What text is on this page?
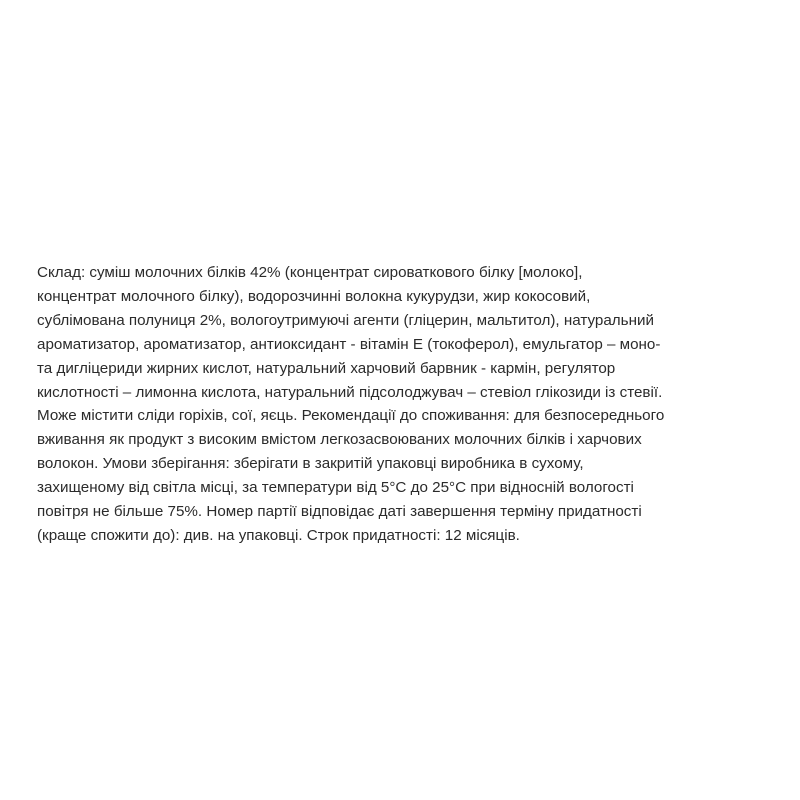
Склад: суміш молочних білків 42% (концентрат сироваткового білку [молоко],
концентрат молочного білку), водорозчинні волокна кукурудзи, жир кокосовий,
сублімована полуниця 2%, вологоутримуючі агенти (гліцерин, мальтитол), натуральний
ароматизатор, ароматизатор, антиоксидант - вітамін Е (токоферол), емульгатор – моно-
та дигліцериди жирних кислот, натуральний харчовий барвник - кармін, регулятор
кислотності – лимонна кислота, натуральний підсолоджувач – стевіол глікозиди із стевії.
Може містити сліди горіхів, сої, яєць. Рекомендації до споживання: для безпосереднього
вживання як продукт з високим вмістом легкозасвоюваних молочних білків і харчових
волокон. Умови зберігання: зберігати в закритій упаковці виробника в сухому,
захищеному від світла місці, за температури від 5°С до 25°С при відносній вологості
повітря не більше 75%. Номер партії відповідає даті завершення терміну придатності
(краще спожити до): див. на упаковці. Строк придатності: 12 місяців.
